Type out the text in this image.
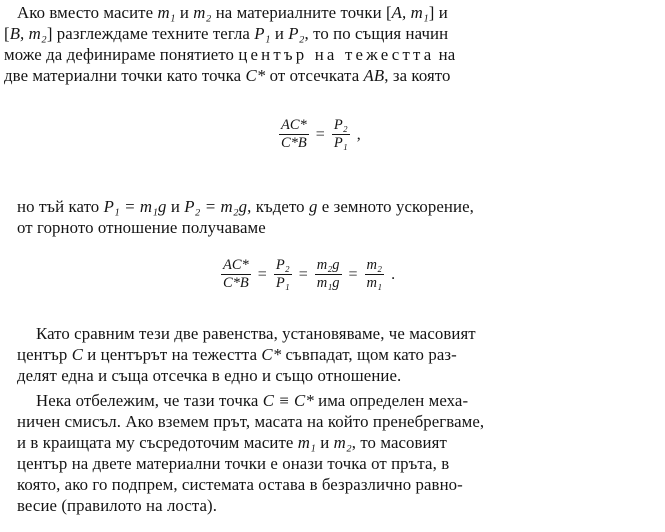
Ако вместо масите m₁ и m₂ на материалните точки [A, m₁] и
[B, m₂] разглеждаме техните тегла P₁ и P₂, то по същия начин
може да дефинираме понятието център на тежестта на
две материални точки като точка C* от отсечката AB, за която
$\frac{AC*}{C*B} = \frac{\text{P₂}}{\text{P₁}}$ ,
но тъй като P₁ = m₁g и P₂ = m₂g, където g е земното ускорение,
от горното отношение получаваме
$\frac{AC*}{C*B} = \frac{\text{P₂}}{\text{P₁}} = \frac{\text{m₂g}}{\text{m₁g}} = \frac{\text{m₂}}{\text{m₁}}$ .
Като сравним тези две равенства, установяваме, че масовият
център C и центърът на тежестта C* съвпадат, щом като раз-
делят една и съща отсечка в едно и също отношение.
Нека отбележим, че тази точка C ≡ C* има определен меха-
ничен смисъл. Ако вземем прът, масата на който пренебрегваме,
и в краищата му съсредоточим масите m₁ и m₂, то масовият
център на двете материални точки е онази точка от пръта, в
която, ако го подпрем, системата остава в безразлично равно-
весие (правилото на лоста).
